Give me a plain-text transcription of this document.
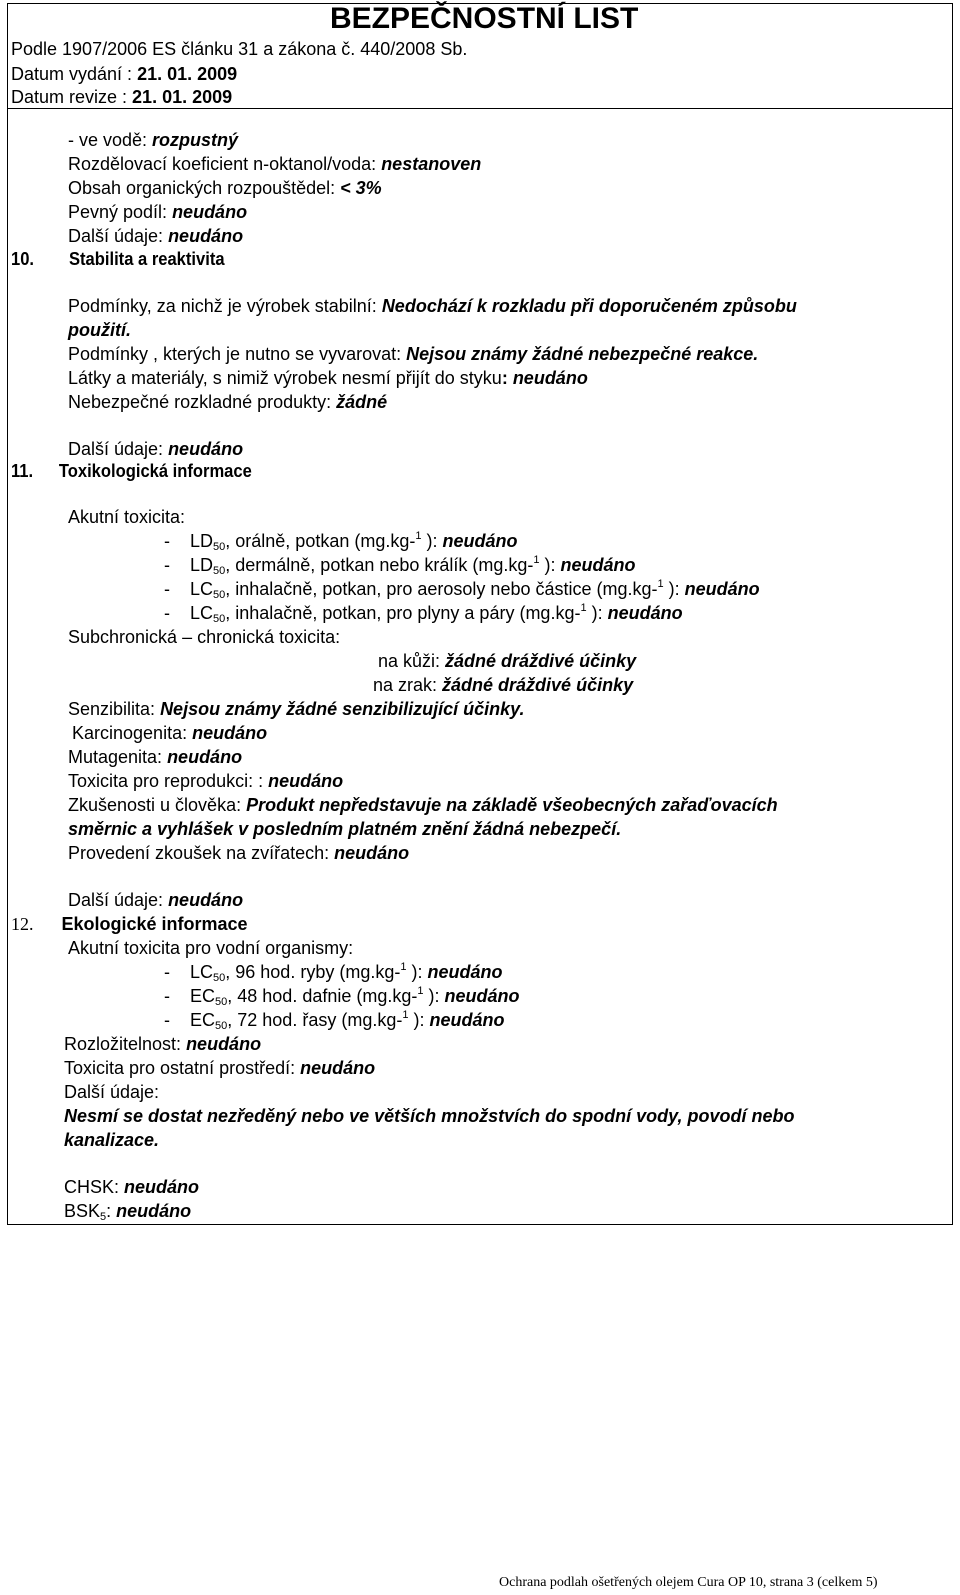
BEZPEČNOSTNÍ LIST
Podle 1907/2006 ES článku 31 a zákona č. 440/2008 Sb.
Datum vydání : 21. 01. 2009
Datum revize : 21. 01. 2009
- ve vodě: rozpustný
Rozdělovací koeficient n-oktanol/voda: nestanoven
Obsah organických rozpouštědel: < 3%
Pevný podíl: neudáno
Další údaje: neudáno
10. Stabilita a reaktivita
Podmínky, za nichž je výrobek stabilní: Nedochází k rozkladu při doporučeném způsobu
použití.
Podmínky , kterých je nutno se vyvarovat: Nejsou známy žádné nebezpečné reakce.
Látky a materiály, s nimiž výrobek nesmí přijít do styku: neudáno
Nebezpečné rozkladné produkty: žádné
Další údaje: neudáno
11. Toxikologická informace
Akutní toxicita:
- $LD_{50}$, orálně, potkan (mg.kg-$^1$ ): neudáno
- $LD_{50}$, dermálně, potkan nebo králík (mg.kg-$^1$ ): neudáno
- $LC_{50}$, inhalačně, potkan, pro aerosoly nebo částice (mg.kg-$^1$ ): neudáno
- $LC_{50}$, inhalačně, potkan, pro plyny a páry (mg.kg-$^1$ ): neudáno
Subchronická – chronická toxicita:
na kůži: žádné dráždivé účinky
na zrak: žádné dráždivé účinky
Senzibilita: Nejsou známy žádné senzibilizující účinky.
Karcinogenita: neudáno
Mutagenita: neudáno
Toxicita pro reprodukci: : neudáno
Zkušenosti u člověka: Produkt nepředstavuje na základě všeobecných zařaďovacích
směrnic a vyhlášek v posledním platném znění žádná nebezpečí.
Provedení zkoušek na zvířatech: neudáno
Další údaje: neudáno
12. Ekologické informace
Akutní toxicita pro vodní organismy:
- $LC_{50}$, 96 hod. ryby (mg.kg-$^1$ ): neudáno
- $EC_{50}$, 48 hod. dafnie (mg.kg-$^1$ ): neudáno
- $EC_{50}$, 72 hod. řasy (mg.kg-$^1$ ): neudáno
Rozložitelnost: neudáno
Toxicita pro ostatní prostředí: neudáno
Další údaje:
Nesmí se dostat nezředěný nebo ve větších množstvích do spodní vody, povodí nebo
kanalizace.
CHSK: neudáno
$BSK_5$: neudáno
Ochrana podlah ošetřených olejem Cura OP 10, strana 3 (celkem 5)
